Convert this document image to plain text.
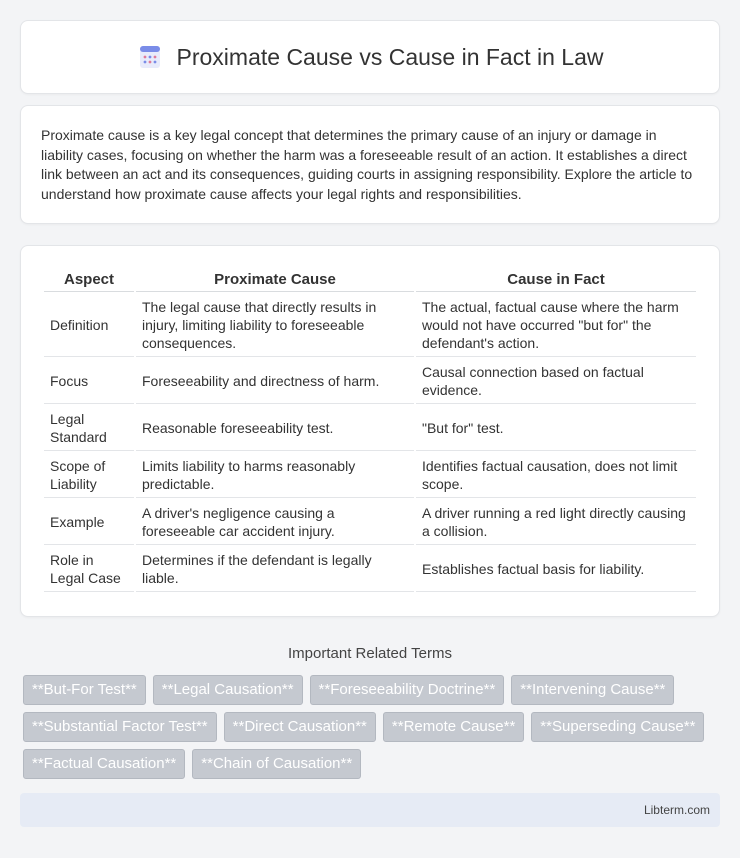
Proximate Cause vs Cause in Fact in Law

Proximate cause is a key legal concept that determines the primary cause of an injury or damage in liability cases, focusing on whether the harm was a foreseeable result of an action. It establishes a direct link between an act and its consequences, guiding courts in assigning responsibility. Explore the article to understand how proximate cause affects your legal rights and responsibilities.

Aspect	Proximate Cause	Cause in Fact
Definition	The legal cause that directly results in injury, limiting liability to foreseeable consequences.	The actual, factual cause where the harm would not have occurred "but for" the defendant's action.
Focus	Foreseeability and directness of harm.	Causal connection based on factual evidence.
Legal Standard	Reasonable foreseeability test.	"But for" test.
Scope of Liability	Limits liability to harms reasonably predictable.	Identifies factual causation, does not limit scope.
Example	A driver's negligence causing a foreseeable car accident injury.	A driver running a red light directly causing a collision.
Role in Legal Case	Determines if the defendant is legally liable.	Establishes factual basis for liability.
Important Related Terms
**But-For Test**	**Legal Causation**	**Foreseeability Doctrine**	**Intervening Cause**
**Substantial Factor Test**	**Direct Causation**	**Remote Cause**	**Superseding Cause**
**Factual Causation**	**Chain of Causation**
Libterm.com
